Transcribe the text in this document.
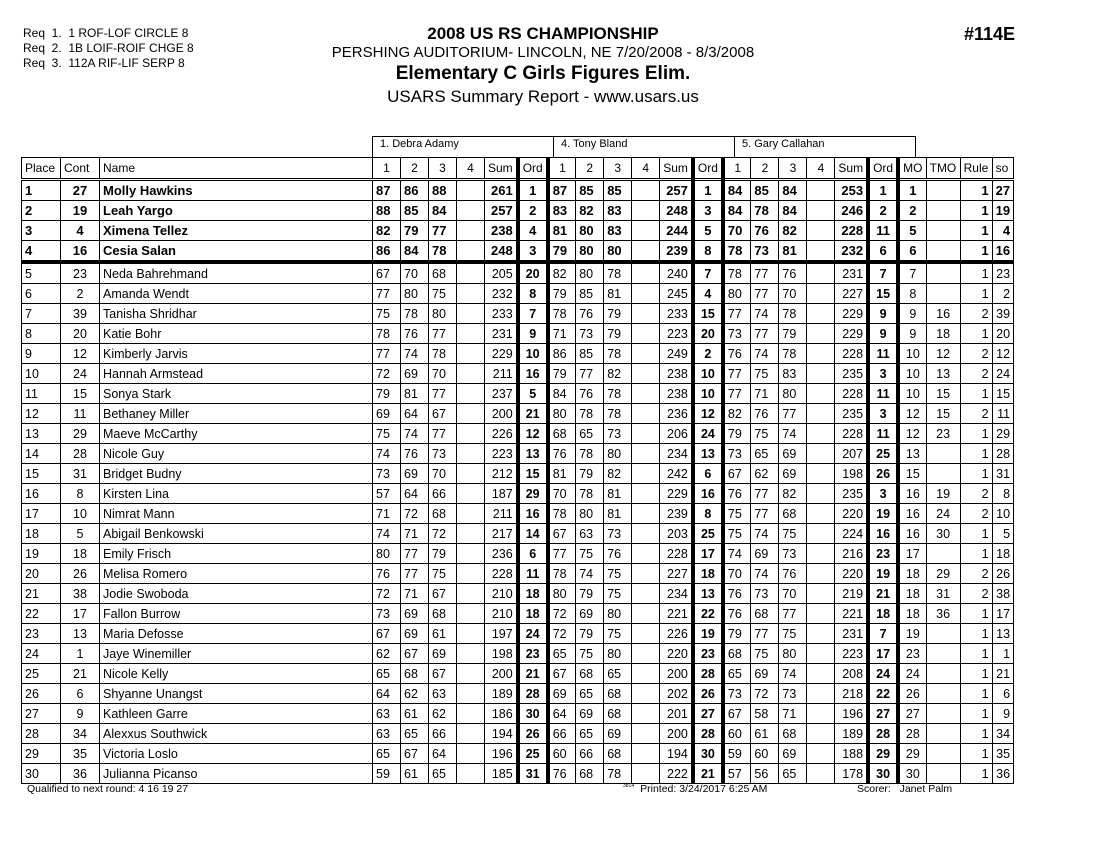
Req  1.  1 ROF-LOF CIRCLE 8
Req  2.  1B LOIF-ROIF CHGE 8
Req  3.  112A RIF-LIF SERP 8
2008 US RS CHAMPIONSHIP
PERSHING AUDITORIUM- LINCOLN, NE 7/20/2008 - 8/3/2008
Elementary C Girls Figures Elim.
USARS Summary Report - www.usars.us
#114E
1. Debra Adamy	4. Tony Bland	5. Gary Callahan
Place	Cont	Name	1	2	3	4	Sum	Ord	1	2	3	4	Sum	Ord	1	2	3	4	Sum	Ord	MO	TMO	Rule	so
1	27	Molly Hawkins	87	86	88		261	1	87	85	85		257	1	84	85	84		253	1	1		1	27
2	19	Leah Yargo	88	85	84		257	2	83	82	83		248	3	84	78	84		246	2	2		1	19
3	4	Ximena Tellez	82	79	77		238	4	81	80	83		244	5	70	76	82		228	11	5		1	4
4	16	Cesia Salan	86	84	78		248	3	79	80	80		239	8	78	73	81		232	6	6		1	16
5	23	Neda Bahrehmand	67	70	68		205	20	82	80	78		240	7	78	77	76		231	7	7		1	23
6	2	Amanda Wendt	77	80	75		232	8	79	85	81		245	4	80	77	70		227	15	8		1	2
7	39	Tanisha Shridhar	75	78	80		233	7	78	76	79		233	15	77	74	78		229	9	9	16	2	39
8	20	Katie Bohr	78	76	77		231	9	71	73	79		223	20	73	77	79		229	9	9	18	1	20
9	12	Kimberly Jarvis	77	74	78		229	10	86	85	78		249	2	76	74	78		228	11	10	12	2	12
10	24	Hannah Armstead	72	69	70		211	16	79	77	82		238	10	77	75	83		235	3	10	13	2	24
11	15	Sonya Stark	79	81	77		237	5	84	76	78		238	10	77	71	80		228	11	10	15	1	15
12	11	Bethaney Miller	69	64	67		200	21	80	78	78		236	12	82	76	77		235	3	12	15	2	11
13	29	Maeve McCarthy	75	74	77		226	12	68	65	73		206	24	79	75	74		228	11	12	23	1	29
14	28	Nicole Guy	74	76	73		223	13	76	78	80		234	13	73	65	69		207	25	13		1	28
15	31	Bridget Budny	73	69	70		212	15	81	79	82		242	6	67	62	69		198	26	15		1	31
16	8	Kirsten Lina	57	64	66		187	29	70	78	81		229	16	76	77	82		235	3	16	19	2	8
17	10	Nimrat Mann	71	72	68		211	16	78	80	81		239	8	75	77	68		220	19	16	24	2	10
18	5	Abigail Benkowski	74	71	72		217	14	67	63	73		203	25	75	74	75		224	16	16	30	1	5
19	18	Emily Frisch	80	77	79		236	6	77	75	76		228	17	74	69	73		216	23	17		1	18
20	26	Melisa Romero	76	77	75		228	11	78	74	75		227	18	70	74	76		220	19	18	29	2	26
21	38	Jodie Swoboda	72	71	67		210	18	80	79	75		234	13	76	73	70		219	21	18	31	2	38
22	17	Fallon Burrow	73	69	68		210	18	72	69	80		221	22	76	68	77		221	18	18	36	1	17
23	13	Maria Defosse	67	69	61		197	24	72	79	75		226	19	79	77	75		231	7	19		1	13
24	1	Jaye Winemiller	62	67	69		198	23	65	75	80		220	23	68	75	80		223	17	23		1	1
25	21	Nicole Kelly	65	68	67		200	21	67	68	65		200	28	65	69	74		208	24	24		1	21
26	6	Shyanne Unangst	64	62	63		189	28	69	65	68		202	26	73	72	73		218	22	26		1	6
27	9	Kathleen Garre	63	61	62		186	30	64	69	68		201	27	67	58	71		196	27	27		1	9
28	34	Alexxus Southwick	63	65	66		194	26	66	65	69		200	28	60	61	68		189	28	28		1	34
29	35	Victoria Loslo	65	67	64		196	25	60	66	68		194	30	59	60	69		188	29	29		1	35
30	36	Julianna Picanso	59	61	65		185	31	76	68	78		222	21	57	56	65		178	30	30		1	36
Qualified to next round: 4 16 19 27	$^{3814}$ Printed: 3/24/2017 6:25 AM	Scorer:   Janet Palm
